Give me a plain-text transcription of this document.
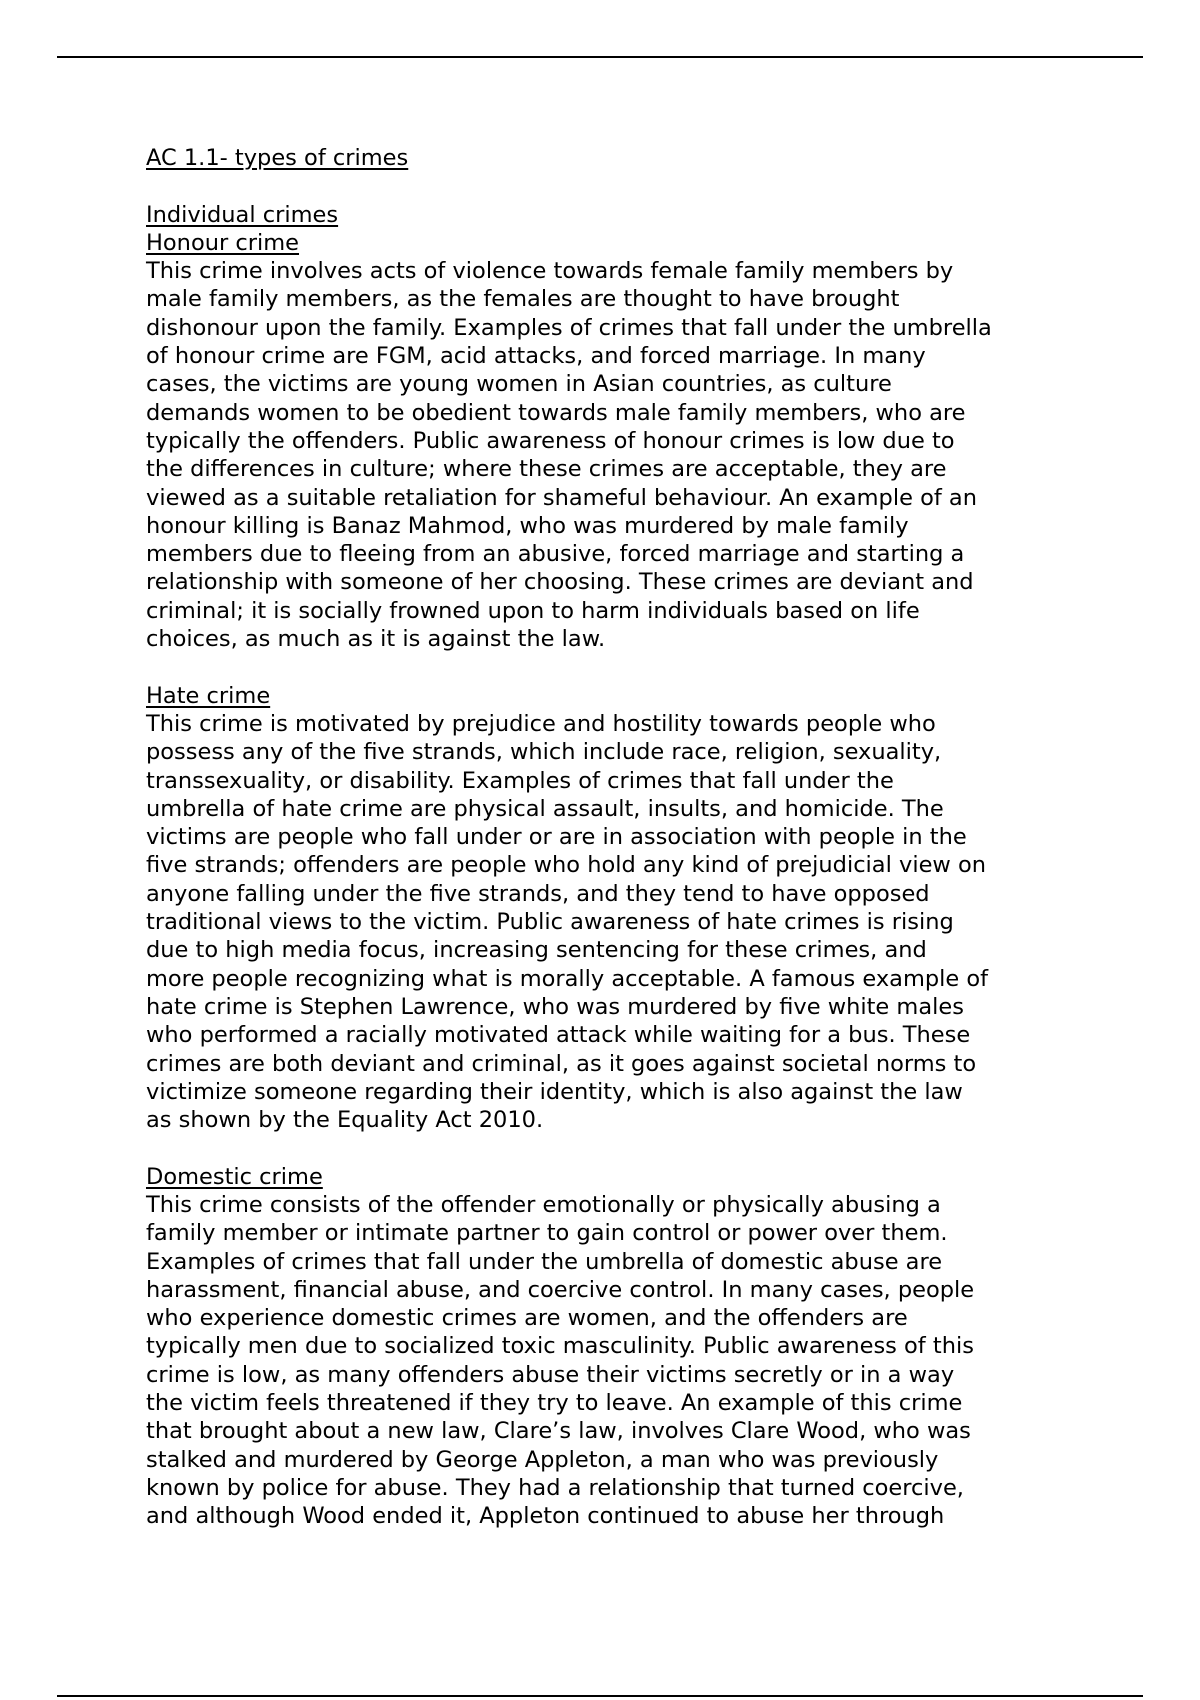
AC 1.1- types of crimes

Individual crimes

Honour crime

This crime involves acts of violence towards female family members by
male family members, as the females are thought to have brought
dishonour upon the family. Examples of crimes that fall under the umbrella
of honour crime are FGM, acid attacks, and forced marriage. In many
cases, the victims are young women in Asian countries, as culture
demands women to be obedient towards male family members, who are
typically the offenders. Public awareness of honour crimes is low due to
the differences in culture; where these crimes are acceptable, they are
viewed as a suitable retaliation for shameful behaviour. An example of an
honour killing is Banaz Mahmod, who was murdered by male family
members due to fleeing from an abusive, forced marriage and starting a
relationship with someone of her choosing. These crimes are deviant and
criminal; it is socially frowned upon to harm individuals based on life
choices, as much as it is against the law.

Hate crime

This crime is motivated by prejudice and hostility towards people who
possess any of the five strands, which include race, religion, sexuality,
transsexuality, or disability. Examples of crimes that fall under the
umbrella of hate crime are physical assault, insults, and homicide. The
victims are people who fall under or are in association with people in the
five strands; offenders are people who hold any kind of prejudicial view on
anyone falling under the five strands, and they tend to have opposed
traditional views to the victim. Public awareness of hate crimes is rising
due to high media focus, increasing sentencing for these crimes, and
more people recognizing what is morally acceptable. A famous example of
hate crime is Stephen Lawrence, who was murdered by five white males
who performed a racially motivated attack while waiting for a bus. These
crimes are both deviant and criminal, as it goes against societal norms to
victimize someone regarding their identity, which is also against the law
as shown by the Equality Act 2010.

Domestic crime

This crime consists of the offender emotionally or physically abusing a
family member or intimate partner to gain control or power over them.
Examples of crimes that fall under the umbrella of domestic abuse are
harassment, financial abuse, and coercive control. In many cases, people
who experience domestic crimes are women, and the offenders are
typically men due to socialized toxic masculinity. Public awareness of this
crime is low, as many offenders abuse their victims secretly or in a way
the victim feels threatened if they try to leave. An example of this crime
that brought about a new law, Clare’s law, involves Clare Wood, who was
stalked and murdered by George Appleton, a man who was previously
known by police for abuse. They had a relationship that turned coercive,
and although Wood ended it, Appleton continued to abuse her through
